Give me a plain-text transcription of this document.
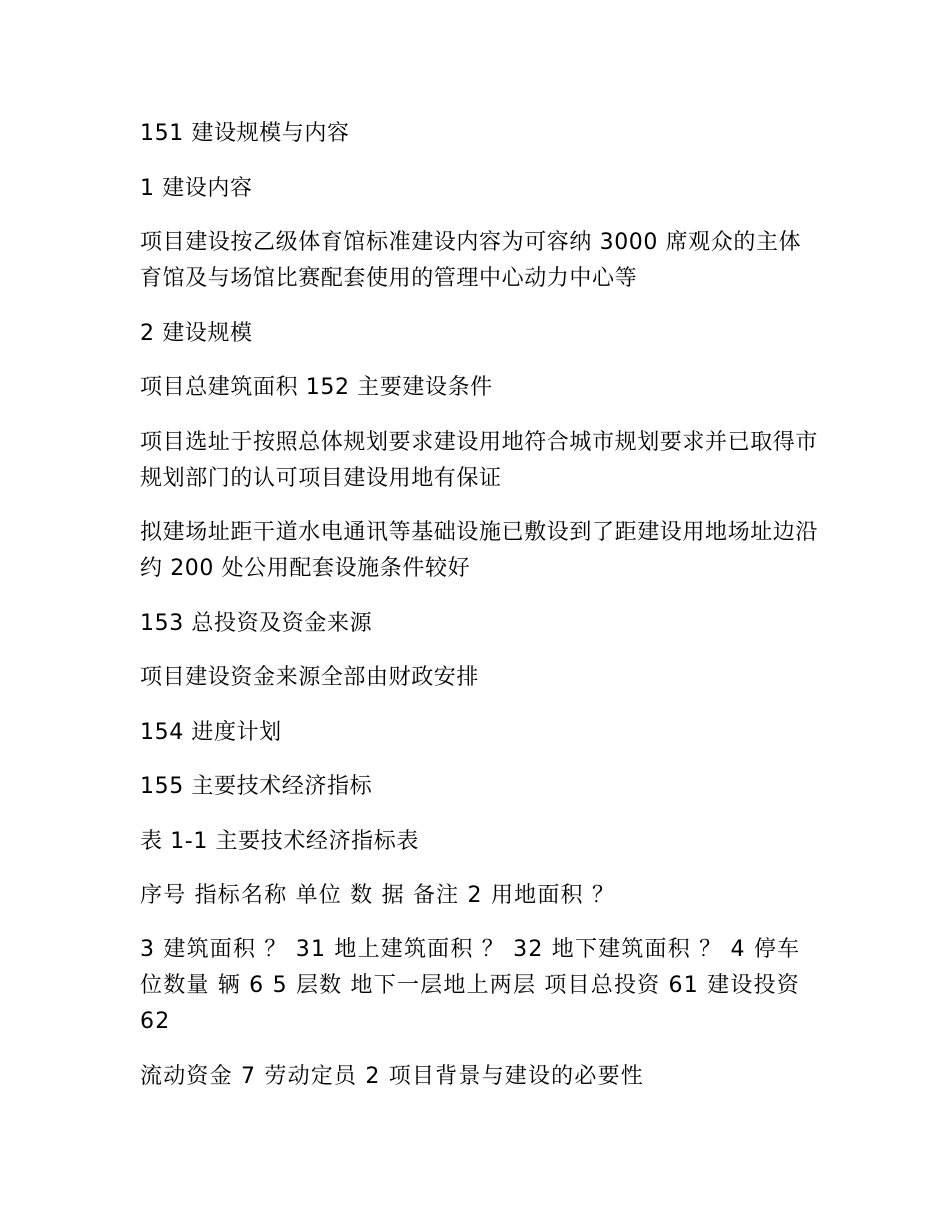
151 建设规模与内容

1 建设内容

项目建设按乙级体育馆标准建设内容为可容纳 3000 席观众的主体育馆及与场馆比赛配套使用的管理中心动力中心等

2 建设规模

项目总建筑面积 152 主要建设条件

项目选址于按照总体规划要求建设用地符合城市规划要求并已取得市规划部门的认可项目建设用地有保证

拟建场址距干道水电通讯等基础设施已敷设到了距建设用地场址边沿约 200 处公用配套设施条件较好

153 总投资及资金来源

项目建设资金来源全部由财政安排

154 进度计划

155 主要技术经济指标

表 1-1 主要技术经济指标表

序号 指标名称 单位 数 据 备注 2 用地面积 ？

3 建筑面积 ？ 31 地上建筑面积 ？ 32 地下建筑面积 ？ 4 停车位数量 辆 6 5 层数 地下一层地上两层 项目总投资 61 建设投资 62

流动资金 7 劳动定员 2 项目背景与建设的必要性
